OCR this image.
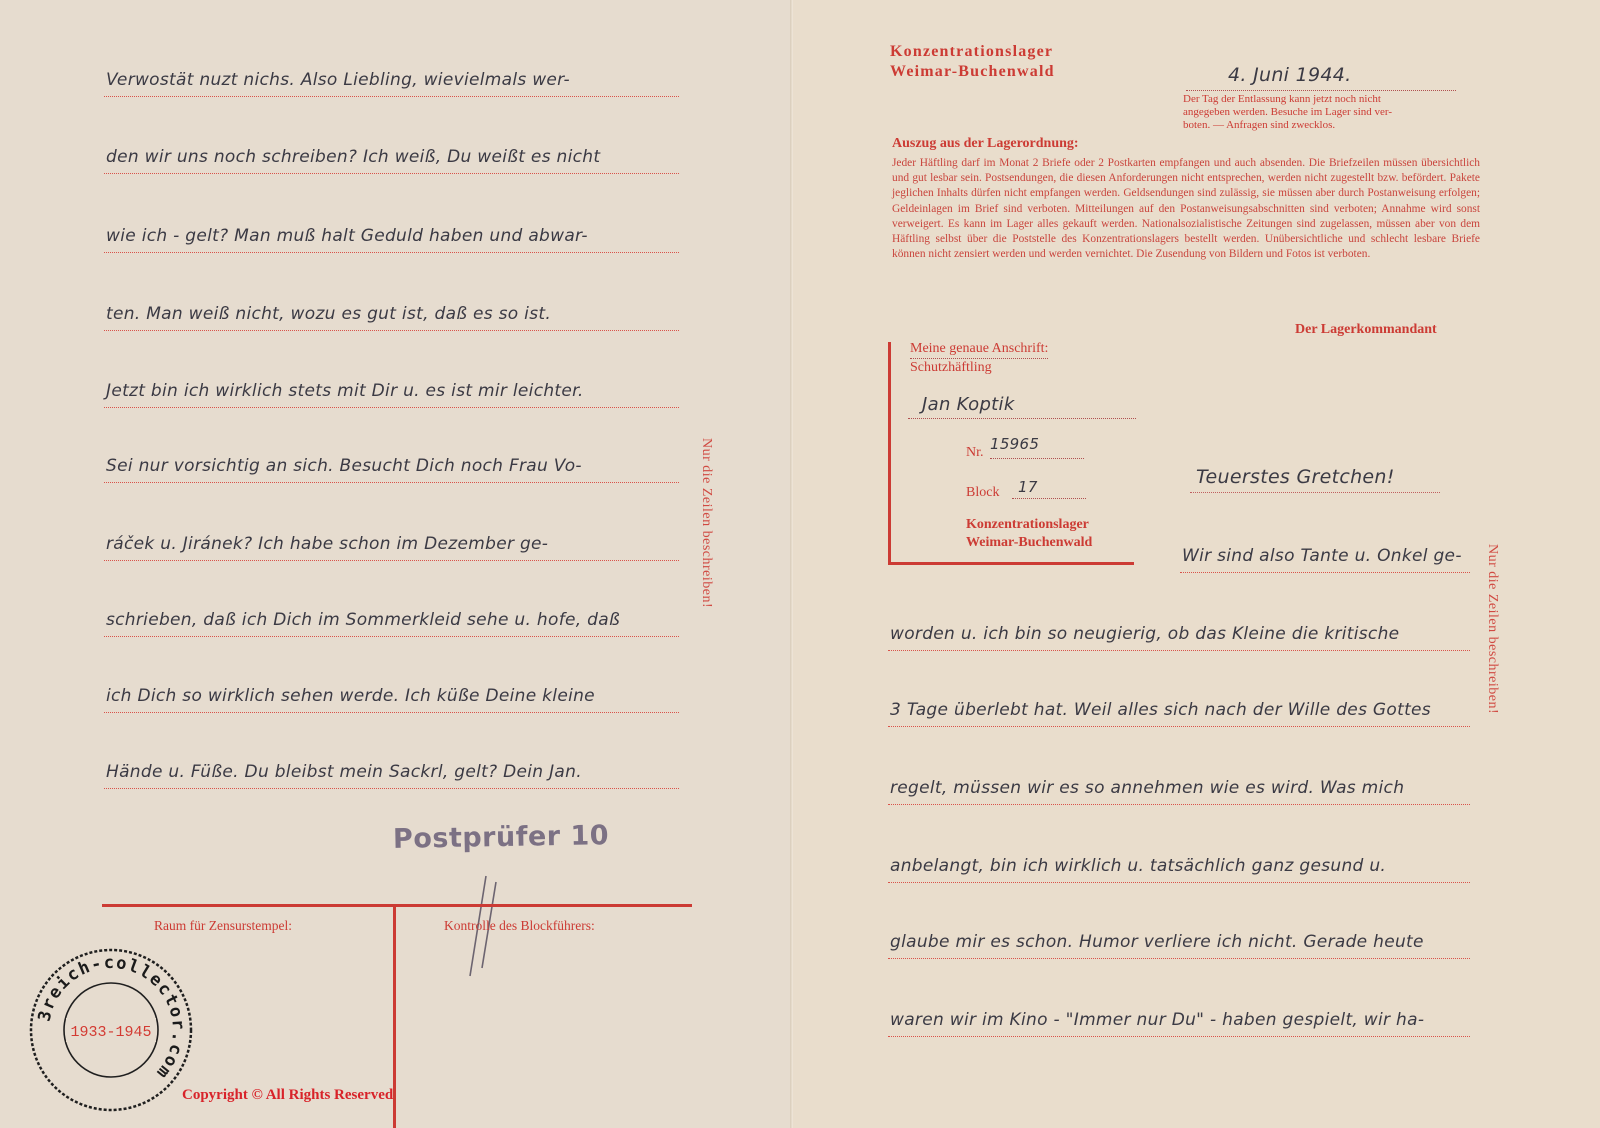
Verwostät nuzt nichs. Also Liebling, wievielmals wer-
den wir uns noch schreiben? Ich weiß, Du weißt es nicht
wie ich - gelt? Man muß halt Geduld haben und abwar-
ten. Man weiß nicht, wozu es gut ist, daß es so ist.
Jetzt bin ich wirklich stets mit Dir u. es ist mir leichter.
Sei nur vorsichtig an sich. Besucht Dich noch Frau Vo-
ráček u. Jiránek? Ich habe schon im Dezember ge-
schrieben, daß ich Dich im Sommerkleid sehe u. hofe, daß
ich Dich so wirklich sehen werde. Ich küße Deine kleine
Hände u. Füße. Du bleibst mein Sackrl, gelt? Dein Jan.
Nur die Zeilen beschreiben!
Postprüfer 10
Raum für Zensurstempel:	Kontrolle des Blockführers:
3reich-collector.com
1933-1945
Copyright © All Rights Reserved
Konzentrationslager
Weimar-Buchenwald	4. Juni 1944.
Der Tag der Entlassung kann jetzt noch nicht
angegeben werden. Besuche im Lager sind ver-
boten. — Anfragen sind zwecklos.
Auszug aus der Lagerordnung:
Jeder Häftling darf im Monat 2 Briefe oder 2 Postkarten empfangen und auch absenden. Die Briefzeilen müssen übersichtlich und gut lesbar sein. Postsendungen, die diesen Anforderungen nicht entsprechen, werden nicht zugestellt bzw. befördert. Pakete jeglichen Inhalts dürfen nicht empfangen werden. Geldsendungen sind zulässig, sie müssen aber durch Postanweisung erfolgen; Geldeinlagen im Brief sind verboten. Mitteilungen auf den Postanweisungsabschnitten sind verboten; Annahme wird sonst verweigert. Es kann im Lager alles gekauft werden. Nationalsozialistische Zeitungen sind zugelassen, müssen aber von dem Häftling selbst über die Poststelle des Konzentrationslagers bestellt werden. Unübersichtliche und schlecht lesbare Briefe können nicht zensiert werden und werden vernichtet. Die Zusendung von Bildern und Fotos ist verboten.
Der Lagerkommandant
Meine genaue Anschrift:
Schutzhäftling
Jan Koptik
Nr. 15965
Block 17
Konzentrationslager
Weimar-Buchenwald
Teuerstes Gretchen!
Wir sind also Tante u. Onkel ge-
worden u. ich bin so neugierig, ob das Kleine die kritische
3 Tage überlebt hat. Weil alles sich nach der Wille des Gottes
regelt, müssen wir es so annehmen wie es wird. Was mich
anbelangt, bin ich wirklich u. tatsächlich ganz gesund u.
glaube mir es schon. Humor verliere ich nicht. Gerade heute
waren wir im Kino - "Immer nur Du" - haben gespielt, wir ha-
Nur die Zeilen beschreiben!
